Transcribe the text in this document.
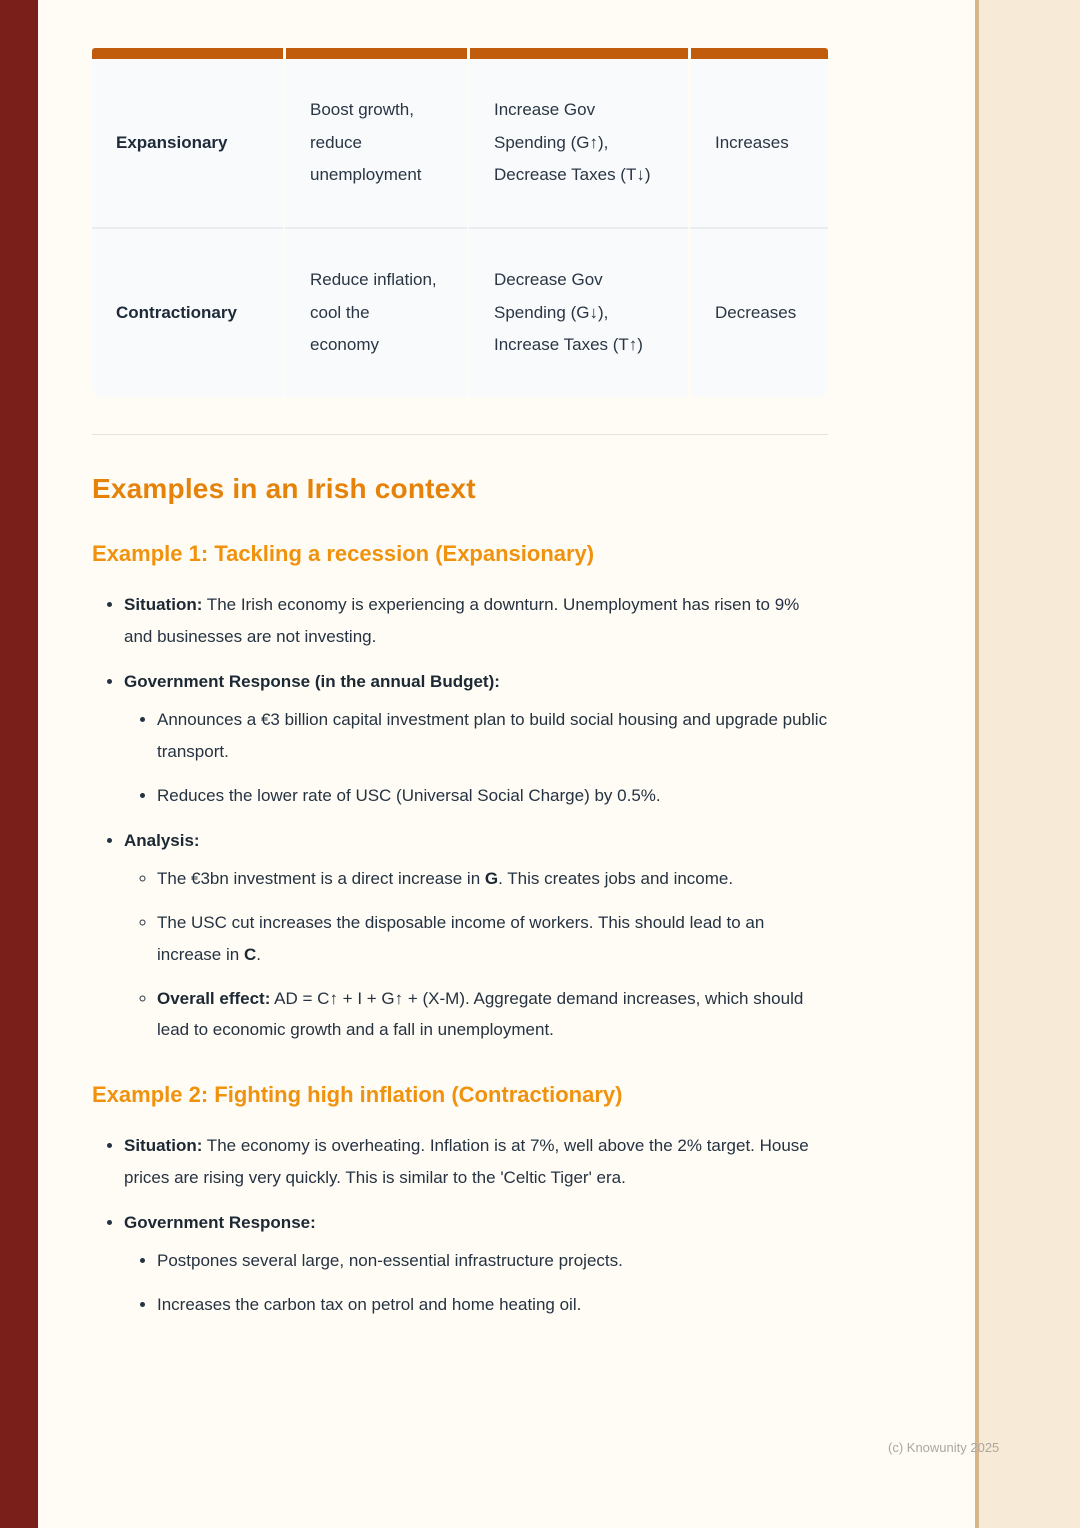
Expansionary
Boost growth, reduce unemployment
Increase Gov Spending (G↑), Decrease Taxes (T↓)
Increases
Contractionary
Reduce inflation, cool the economy
Decrease Gov Spending (G↓), Increase Taxes (T↑)
Decreases
Examples in an Irish context
Example 1: Tackling a recession (Expansionary)
• Situation: The Irish economy is experiencing a downturn. Unemployment has risen to 9% and businesses are not investing.
• Government Response (in the annual Budget):
• Announces a €3 billion capital investment plan to build social housing and upgrade public transport.
• Reduces the lower rate of USC (Universal Social Charge) by 0.5%.
• Analysis:
◦ The €3bn investment is a direct increase in G. This creates jobs and income.
◦ The USC cut increases the disposable income of workers. This should lead to an increase in C.
◦ Overall effect: AD = C↑ + I + G↑ + (X-M). Aggregate demand increases, which should lead to economic growth and a fall in unemployment.
Example 2: Fighting high inflation (Contractionary)
• Situation: The economy is overheating. Inflation is at 7%, well above the 2% target. House prices are rising very quickly. This is similar to the 'Celtic Tiger' era.
• Government Response:
• Postpones several large, non-essential infrastructure projects.
• Increases the carbon tax on petrol and home heating oil.
(c) Knowunity 2025
